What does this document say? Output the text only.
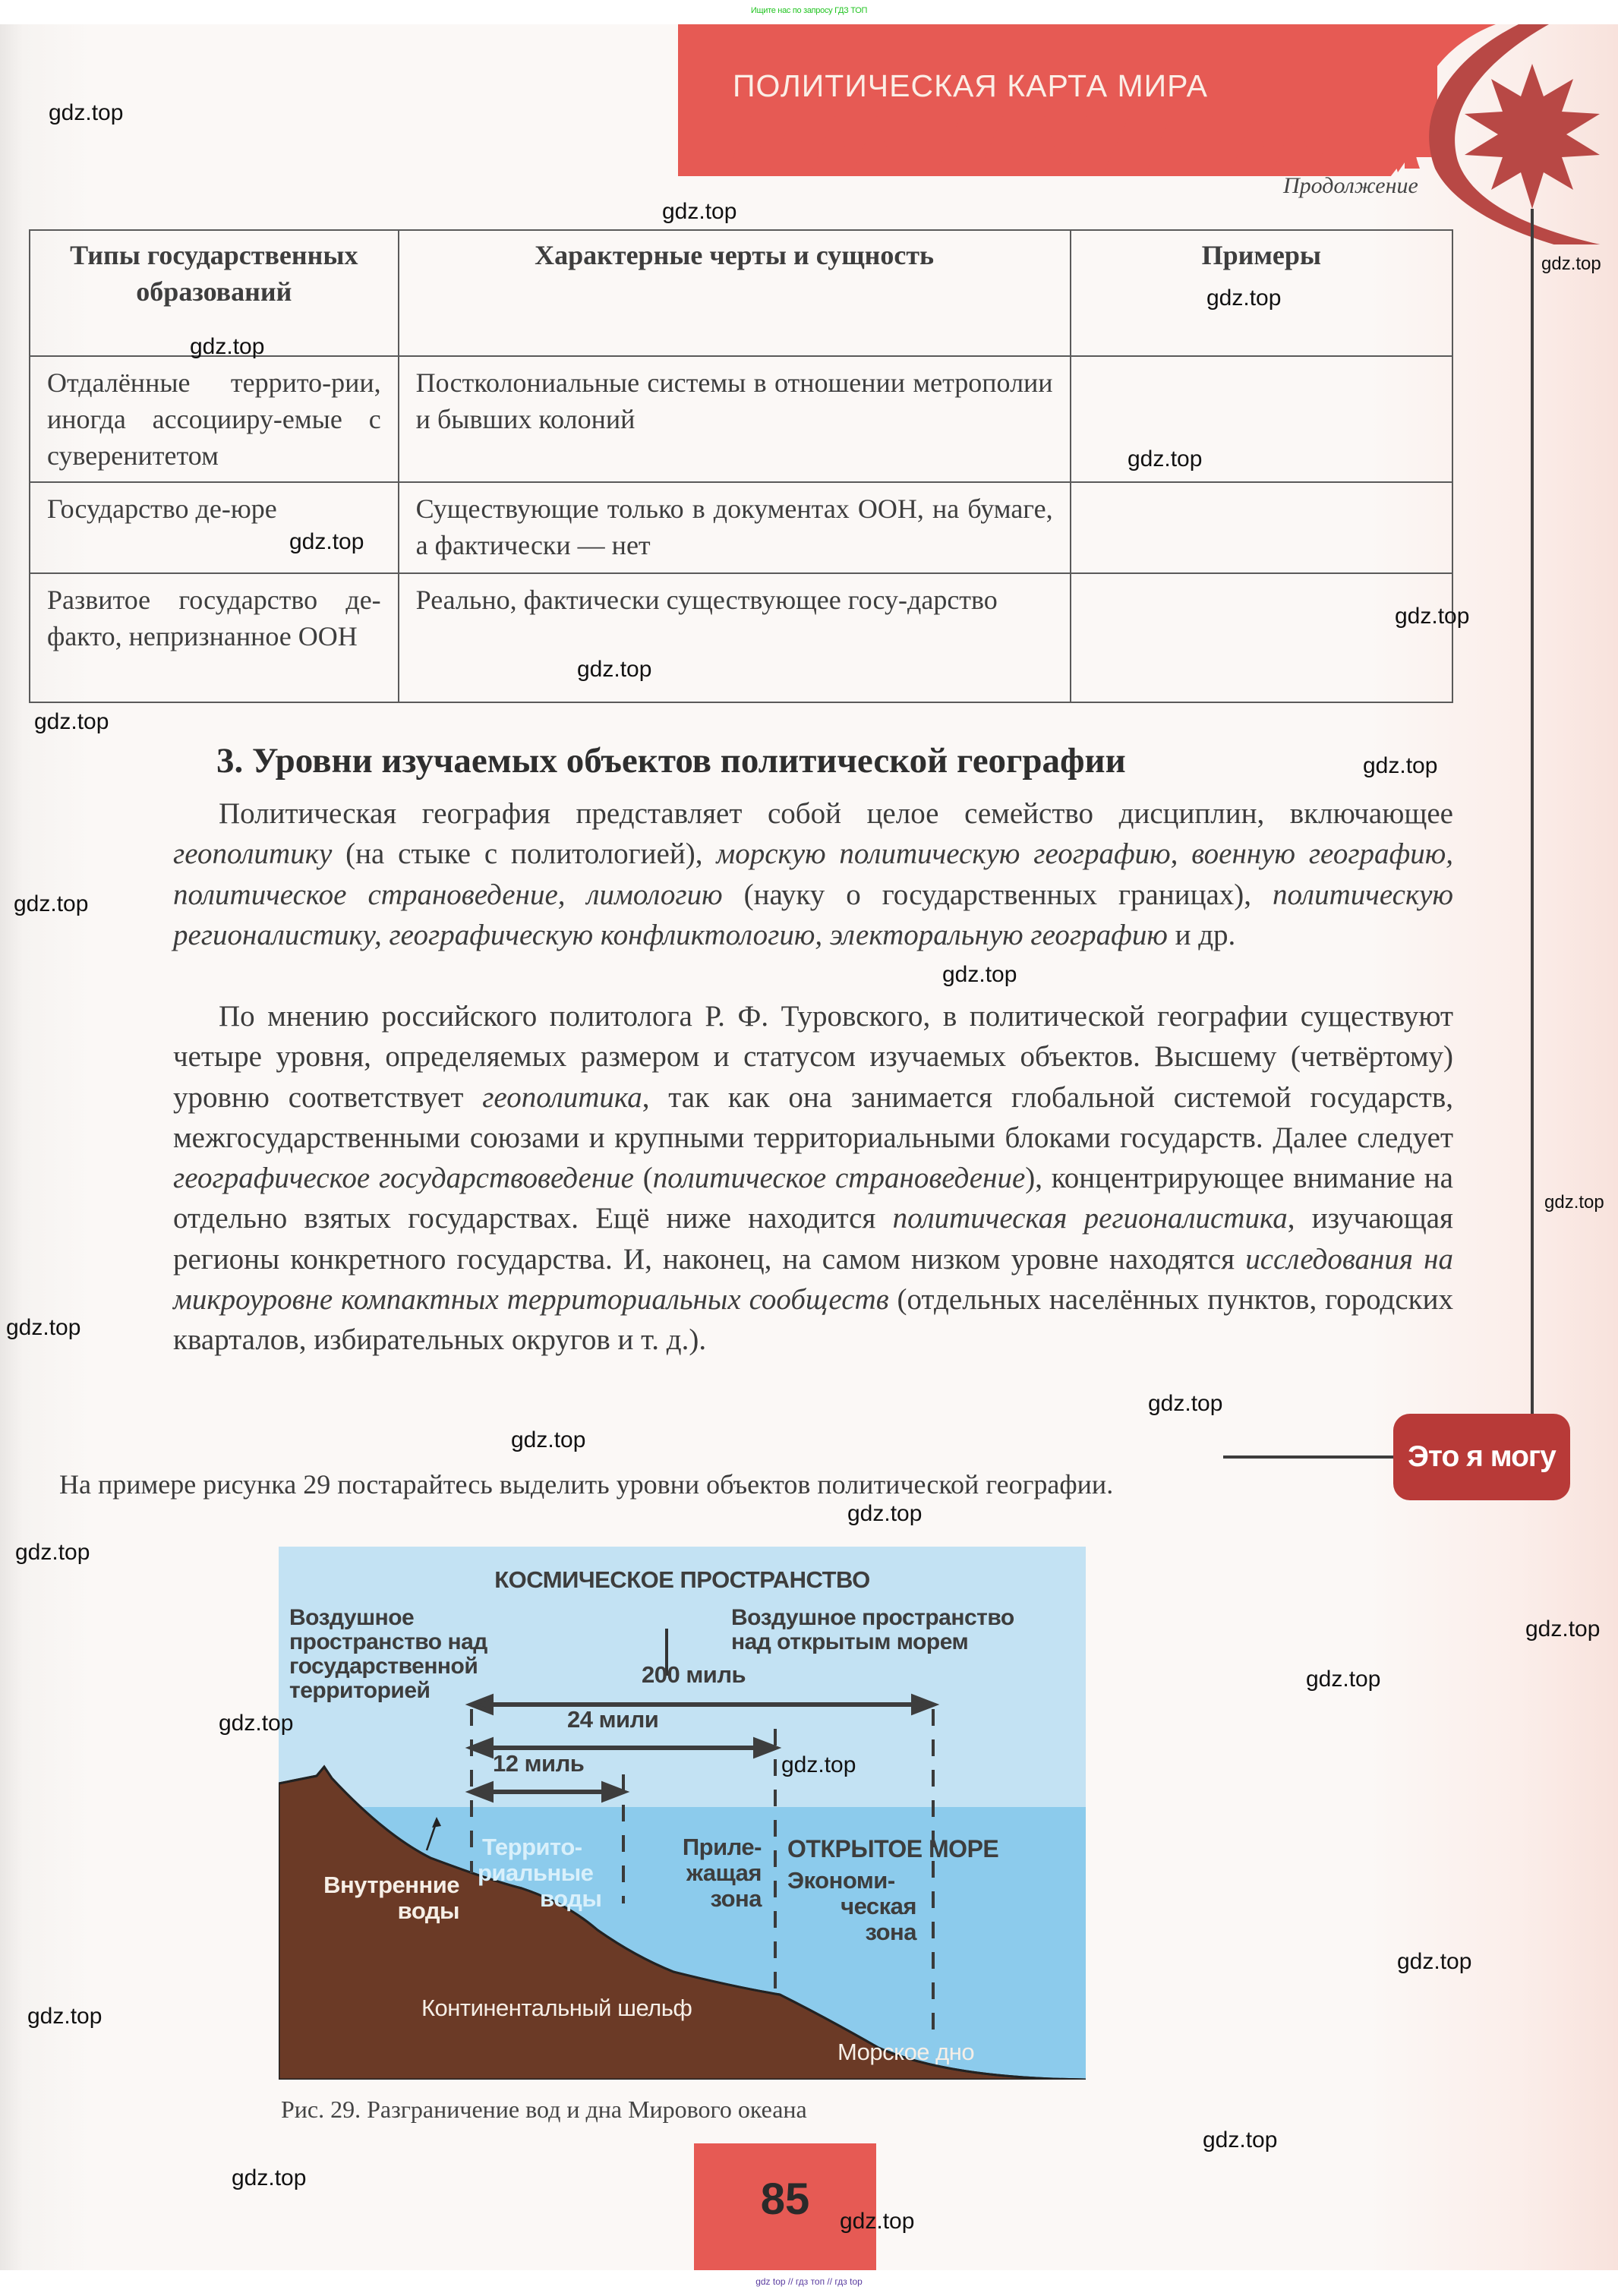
Ищите нас по запросу ГДЗ ТОП
ПОЛИТИЧЕСКАЯ КАРТА МИРА
Продолжение
Типы государственных образований	Характерные черты и сущность	Примеры
Отдалённые террито-рии, иногда ассоцииру-емые с суверенитетом	Постколониальные системы в отношении метрополии и бывших колоний	
Государство де-юре	Существующие только в документах ООН, на бумаге, а фактически — нет	
Развитое государство де-факто, непризнанное ООН	Реально, фактически существующее госу-дарство	
3. Уровни изучаемых объектов политической географии

Политическая география представляет собой целое семейство дисциплин, включающее геополитику (на стыке с политологией), морскую политическую географию, военную географию, политическое страноведение, лимологию (науку о государственных границах), политическую регионалистику, географическую конфликтологию, электоральную географию и др.

По мнению российского политолога Р. Ф. Туровского, в политической географии существуют четыре уровня, определяемых размером и статусом изучаемых объектов. Высшему (четвёртому) уровню соответствует геополитика, так как она занимается глобальной системой государств, межгосударственными союзами и крупными территориальными блоками государств. Далее следует географическое государствоведение (политическое страноведение), концентрирующее внимание на отдельно взятых государствах. Ещё ниже находится политическая регионалистика, изучающая регионы конкретного государства. И, наконец, на самом низком уровне находятся исследования на микроуровне компактных территориальных сообществ (отдельных населённых пунктов, городских кварталов, избирательных округов и т. д.).

Это я могу
На примере рисунка 29 постарайтесь выделить уровни объектов политической географии.
КОСМИЧЕСКОЕ ПРОСТРАНСТВО
Воздушное
пространство над
государственной
территорией
Воздушное пространство
над открытым морем
200 миль
24 мили
12 миль
Внутренние
воды
Террито-
риальные
воды
Приле-
жащая
зона
ОТКРЫТОЕ МОРЕ
Экономи-
ческая
зона
Континентальный шельф
Морское дно
Рис. 29. Разграничение вод и дна Мирового океана
85
gdz.top
gdz.top
gdz.top
gdz.top
gdz.top
gdz.top
gdz.top
gdz.top
gdz.top
gdz.top
gdz.top
gdz.top
gdz.top
gdz.top
gdz.top
gdz.top
gdz.top
gdz.top
gdz.top
gdz.top
gdz.top
gdz.top
gdz.top
gdz.top
gdz.top
gdz.top
gdz.top
gdz.top
gdz top // гдз топ // гдз top
